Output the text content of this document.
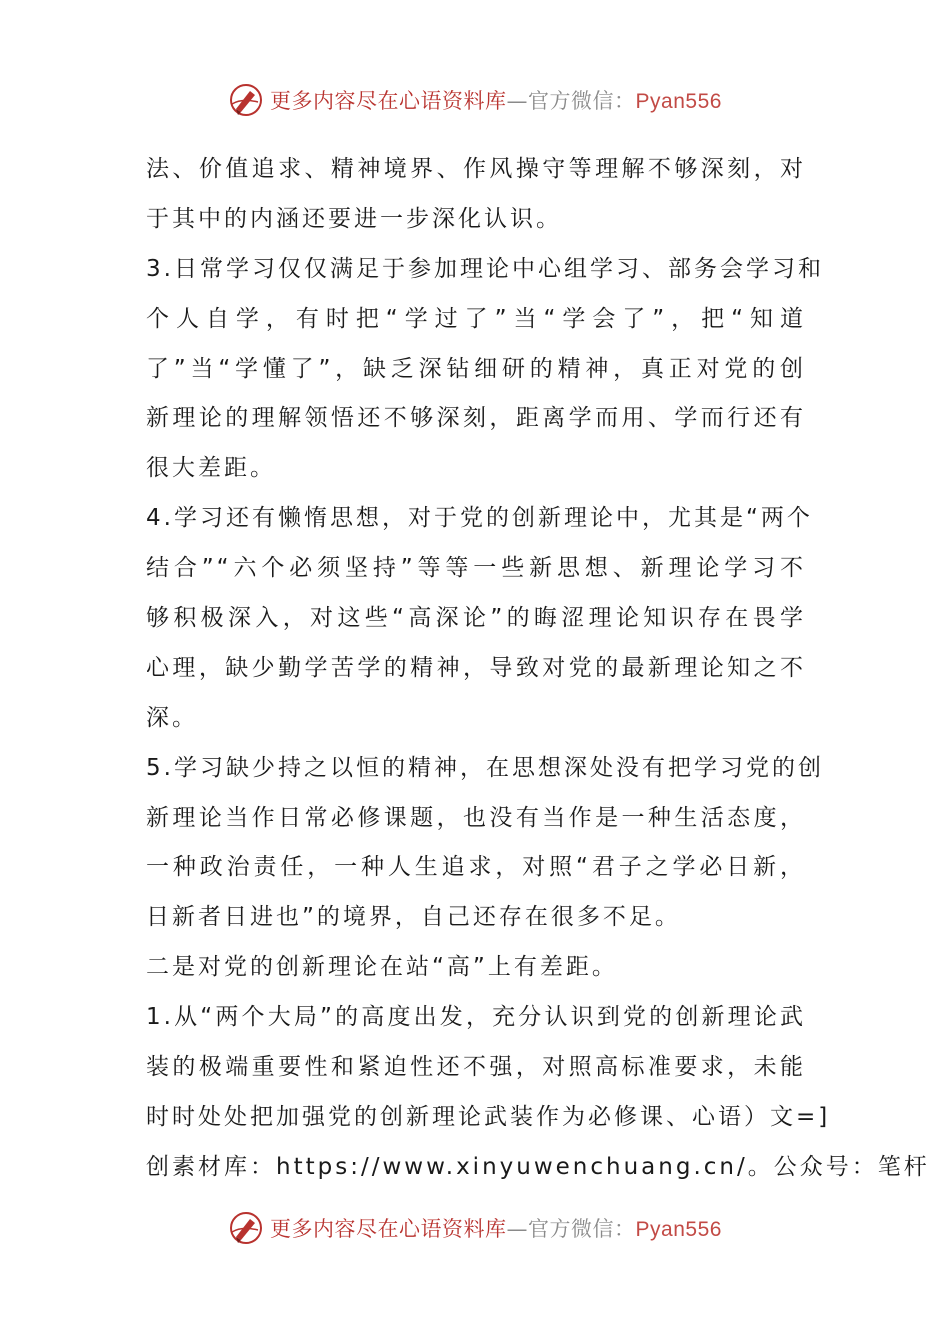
更多内容尽在心语资料库—官方微信：Pyan556
法、价值追求、精神境界、作风操守等理解不够深刻，对
于其中的内涵还要进一步深化认识。
3.日常学习仅仅满足于参加理论中心组学习、部务会学习和
个人自学，有时把“学过了”当“学会了”，把“知道
了”当“学懂了”，缺乏深钻细研的精神，真正对党的创
新理论的理解领悟还不够深刻，距离学而用、学而行还有
很大差距。
4.学习还有懒惰思想，对于党的创新理论中，尤其是“两个
结合”“六个必须坚持”等等一些新思想、新理论学习不
够积极深入，对这些“高深论”的晦涩理论知识存在畏学
心理，缺少勤学苦学的精神，导致对党的最新理论知之不
深。
5.学习缺少持之以恒的精神，在思想深处没有把学习党的创
新理论当作日常必修课题，也没有当作是一种生活态度，
一种政治责任，一种人生追求，对照“君子之学必日新，
日新者日进也”的境界，自己还存在很多不足。
二是对党的创新理论在站“高”上有差距。
1.从“两个大局”的高度出发，充分认识到党的创新理论武
装的极端重要性和紧迫性还不强，对照高标准要求，未能
时时处处把加强党的创新理论武装作为必修课、心语）文=]
创素材库：https://www.xinyuwenchuang.cn/。公众号：笔杆
更多内容尽在心语资料库—官方微信：Pyan556
